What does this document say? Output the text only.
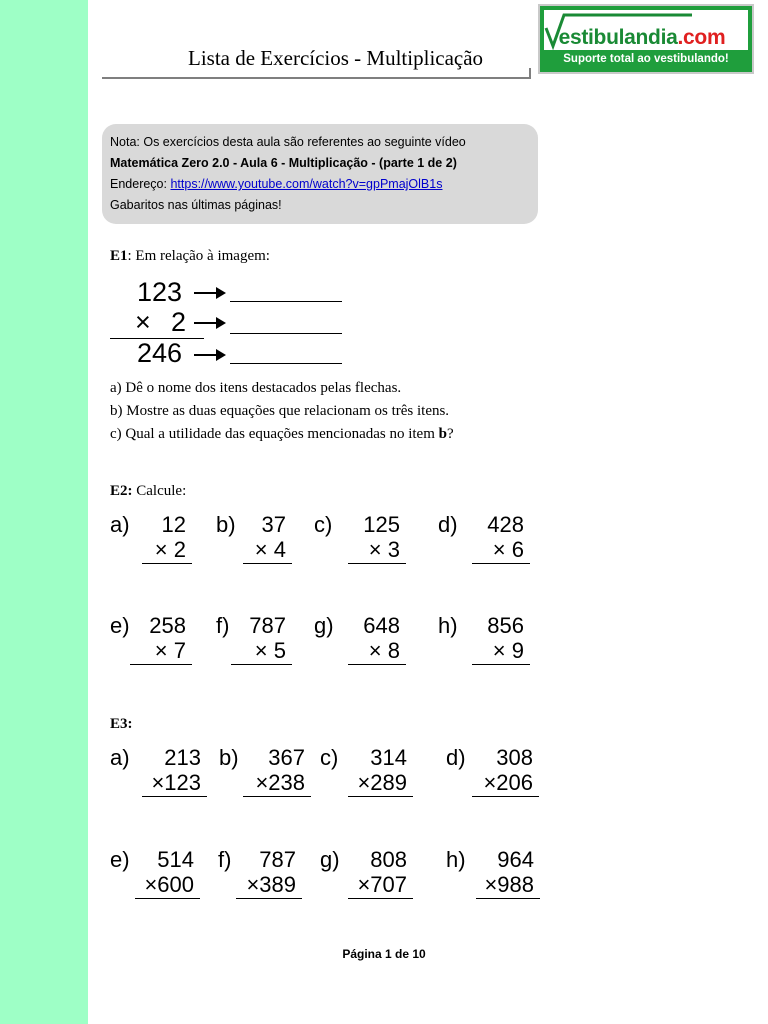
Lista de Exercícios - Multiplicação
estibulandia.com
Suporte total ao vestibulando!
Nota: Os exercícios desta aula são referentes ao seguinte vídeo
Matemática Zero 2.0 - Aula 6 - Multiplicação - (parte 1 de 2)
Endereço: https://www.youtube.com/watch?v=gpPmajOlB1s
Gabaritos nas últimas páginas!
E1: Em relação à imagem:
123
× 2
246
a) Dê o nome dos itens destacados pelas flechas.
b) Mostre as duas equações que relacionam os três itens.
c) Qual a utilidade das equações mencionadas no item b?
E2: Calcule:
a)	12
× 2
b)	37
× 4
c)	125
× 3
d)	428
× 6
e) 258
× 7
f) 787
× 5
g)	648
× 8
h)	856
× 9
E3:
a)	213
×123
b)	367
×238
c)	314
×289
d)	308
×206
e)	514
×600
f)	787
×389
g)	808
×707
h)	964
×988
Página 1 de 10
